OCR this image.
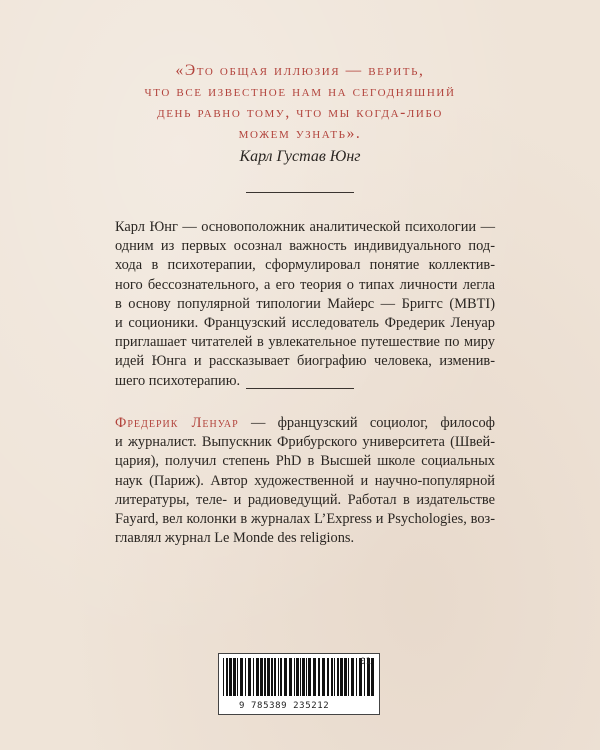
«Это общая иллюзия — верить,
что все известное нам на сегодняшний
день равно тому, что мы когда-либо
можем узнать».
Карл Густав Юнг
Карл Юнг — основоположник аналитической психологии —
одним из первых осознал важность индивидуального под-
хода в психотерапии, сформулировал понятие коллектив-
ного бессознательного, а его теория о типах личности легла
в основу популярной типологии Майерс — Бриггс (MBTI)
и соционики. Французский исследователь Фредерик Ленуар
приглашает читателей в увлекательное путешествие по миру
идей Юнга и рассказывает биографию человека, изменив-
шего психотерапию.
Фредерик Ленуар — французский социолог, философ
и журналист. Выпускник Фрибурского университета (Швей-
цария), получил степень PhD в Высшей школе социальных
наук (Париж). Автор художественной и научно-популярной
литературы, теле- и радиоведущий. Работал в издательстве
Fayard, вел колонки в журналах L’Express и Psychologies, воз-
главлял журнал Le Monde des religions.
9 785389 235212
01
